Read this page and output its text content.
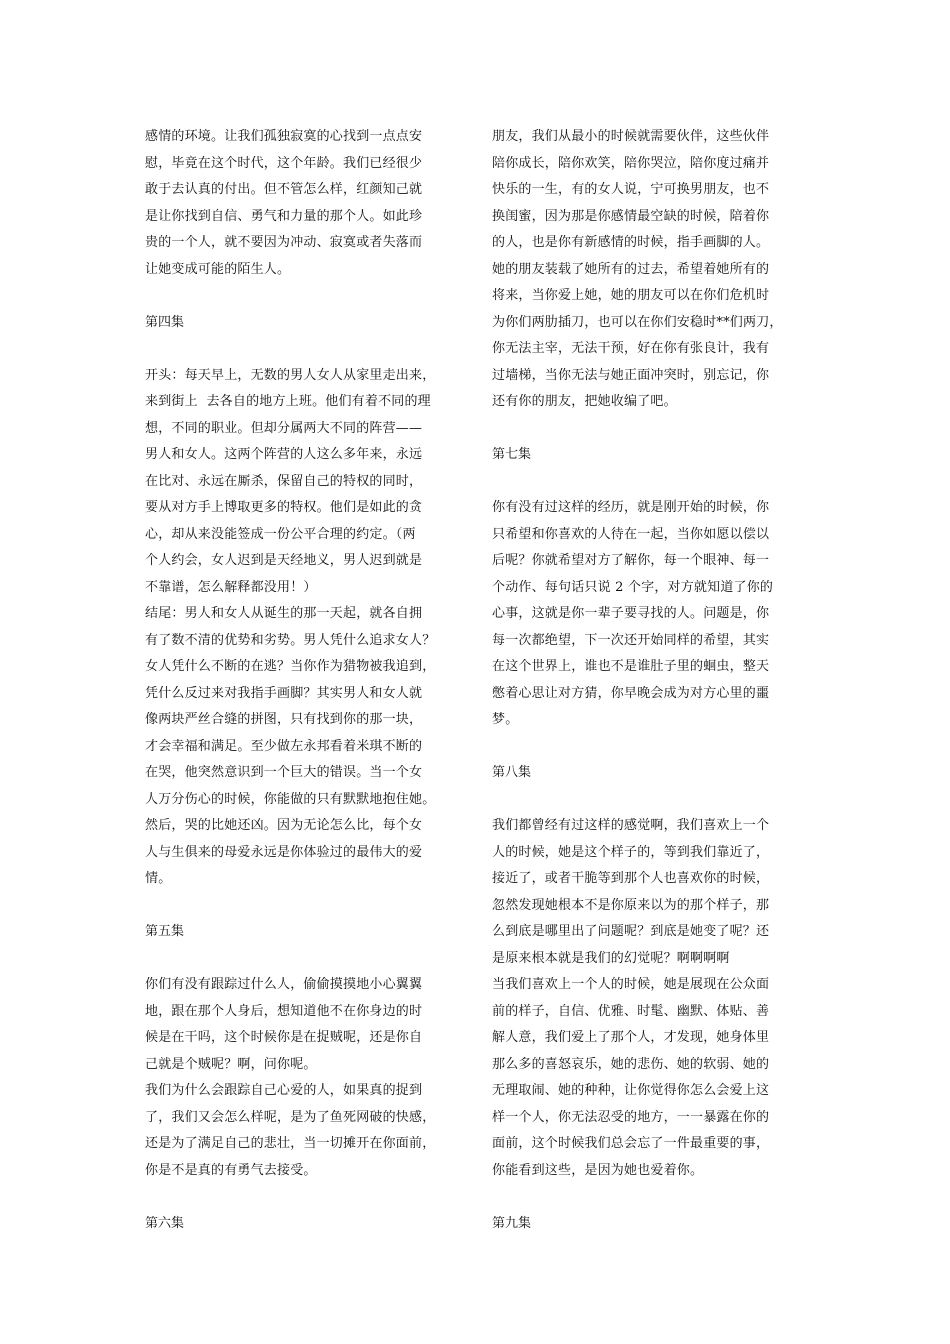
感情的环境。让我们孤独寂寞的心找到一点点安
慰，毕竟在这个时代，这个年龄。我们已经很少
敢于去认真的付出。但不管怎么样，红颜知己就
是让你找到自信、勇气和力量的那个人。如此珍
贵的一个人，就不要因为冲动、寂寞或者失落而
让她变成可能的陌生人。
第四集
开头：每天早上，无数的男人女人从家里走出来，
来到街上  去各自的地方上班。他们有着不同的理
想，不同的职业。但却分属两大不同的阵营——
男人和女人。这两个阵营的人这么多年来，永远
在比对、永远在厮杀，保留自己的特权的同时，
要从对方手上博取更多的特权。他们是如此的贪
心，却从来没能签成一份公平合理的约定。（两
个人约会，女人迟到是天经地义，男人迟到就是
不靠谱，怎么解释都没用！）
结尾：男人和女人从诞生的那一天起，就各自拥
有了数不清的优势和劣势。男人凭什么追求女人？
女人凭什么不断的在逃？当你作为猎物被我追到，
凭什么反过来对我指手画脚？其实男人和女人就
像两块严丝合缝的拼图，只有找到你的那一块，
才会幸福和满足。至少做左永邦看着米琪不断的
在哭，他突然意识到一个巨大的错误。当一个女
人万分伤心的时候，你能做的只有默默地抱住她。
然后，哭的比她还凶。因为无论怎么比，每个女
人与生俱来的母爱永远是你体验过的最伟大的爱
情。
第五集
你们有没有跟踪过什么人，偷偷摸摸地小心翼翼
地，跟在那个人身后，想知道他不在你身边的时
候是在干吗，这个时候你是在捉贼呢，还是你自
己就是个贼呢？啊，问你呢。
我们为什么会跟踪自己心爱的人，如果真的捉到
了，我们又会怎么样呢，是为了鱼死网破的快感，
还是为了满足自己的悲壮，当一切摊开在你面前，
你是不是真的有勇气去接受。
第六集
朋友，我们从最小的时候就需要伙伴，这些伙伴
陪你成长，陪你欢笑，陪你哭泣，陪你度过痛并
快乐的一生，有的女人说，宁可换男朋友，也不
换闺蜜，因为那是你感情最空缺的时候，陪着你
的人，也是你有新感情的时候，指手画脚的人。
她的朋友装载了她所有的过去，希望着她所有的
将来，当你爱上她，她的朋友可以在你们危机时
为你们两肋插刀，也可以在你们安稳时**们两刀，
你无法主宰，无法干预，好在你有张良计，我有
过墙梯，当你无法与她正面冲突时，别忘记，你
还有你的朋友，把她收编了吧。
第七集
你有没有过这样的经历，就是刚开始的时候，你
只希望和你喜欢的人待在一起，当你如愿以偿以
后呢？你就希望对方了解你，每一个眼神、每一
个动作、每句话只说 2 个字，对方就知道了你的
心事，这就是你一辈子要寻找的人。问题是，你
每一次都绝望，下一次还开始同样的希望，其实
在这个世界上，谁也不是谁肚子里的蛔虫，整天
憋着心思让对方猜，你早晚会成为对方心里的噩
梦。
第八集
我们都曾经有过这样的感觉啊，我们喜欢上一个
人的时候，她是这个样子的，等到我们靠近了，
接近了，或者干脆等到那个人也喜欢你的时候，
忽然发现她根本不是你原来以为的那个样子，那
么到底是哪里出了问题呢？到底是她变了呢？还
是原来根本就是我们的幻觉呢？啊啊啊啊
当我们喜欢上一个人的时候，她是展现在公众面
前的样子，自信、优雅、时髦、幽默、体贴、善
解人意，我们爱上了那个人，才发现，她身体里
那么多的喜怒哀乐，她的悲伤、她的软弱、她的
无理取闹、她的种种，让你觉得你怎么会爱上这
样一个人，你无法忍受的地方，一一暴露在你的
面前，这个时候我们总会忘了一件最重要的事，
你能看到这些，是因为她也爱着你。
第九集
